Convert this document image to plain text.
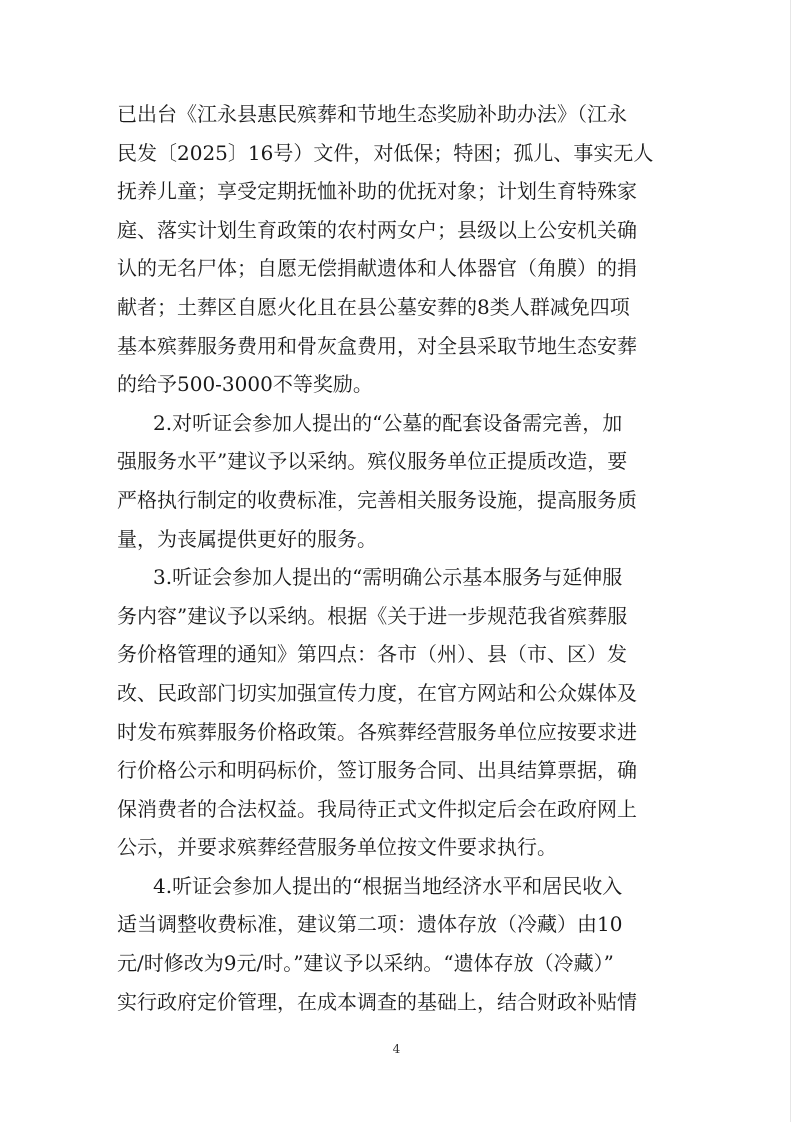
已出台《江永县惠民殡葬和节地生态奖励补助办法》（江永
民发〔2025〕16号）文件，对低保；特困；孤儿、事实无人
抚养儿童；享受定期抚恤补助的优抚对象；计划生育特殊家
庭、落实计划生育政策的农村两女户；县级以上公安机关确
认的无名尸体；自愿无偿捐献遗体和人体器官（角膜）的捐
献者；土葬区自愿火化且在县公墓安葬的8类人群减免四项
基本殡葬服务费用和骨灰盒费用，对全县采取节地生态安葬
的给予500-3000不等奖励。
2.对听证会参加人提出的“公墓的配套设备需完善，加
强服务水平”建议予以采纳。殡仪服务单位正提质改造，要
严格执行制定的收费标准，完善相关服务设施，提高服务质
量，为丧属提供更好的服务。
3.听证会参加人提出的“需明确公示基本服务与延伸服
务内容”建议予以采纳。根据《关于进一步规范我省殡葬服
务价格管理的通知》第四点：各市（州）、县（市、区）发
改、民政部门切实加强宣传力度，在官方网站和公众媒体及
时发布殡葬服务价格政策。各殡葬经营服务单位应按要求进
行价格公示和明码标价，签订服务合同、出具结算票据，确
保消费者的合法权益。我局待正式文件拟定后会在政府网上
公示，并要求殡葬经营服务单位按文件要求执行。
4.听证会参加人提出的“根据当地经济水平和居民收入
适当调整收费标准，建议第二项：遗体存放（冷藏）由10
元/时修改为9元/时。”建议予以采纳。“遗体存放（冷藏）”
实行政府定价管理，在成本调查的基础上，结合财政补贴情
4
